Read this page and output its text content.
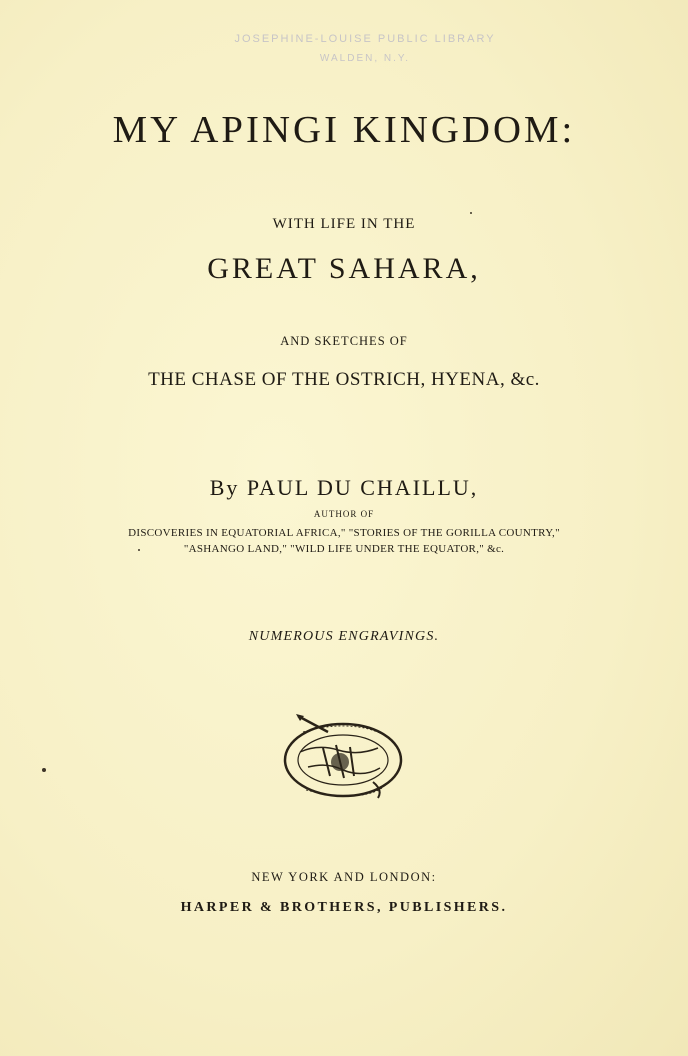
JOSEPHINE-LOUISE PUBLIC LIBRARY
WALDEN, N.Y.
MY APINGI KINGDOM:
WITH LIFE IN THE
GREAT SAHARA,
AND SKETCHES OF
THE CHASE OF THE OSTRICH, HYENA, &c.
By PAUL DU CHAILLU,
AUTHOR OF
DISCOVERIES IN EQUATORIAL AFRICA," "STORIES OF THE GORILLA COUNTRY,"
"ASHANGO LAND," "WILD LIFE UNDER THE EQUATOR," &c.
NUMEROUS ENGRAVINGS.
NEW YORK AND LONDON:
HARPER & BROTHERS, PUBLISHERS.
